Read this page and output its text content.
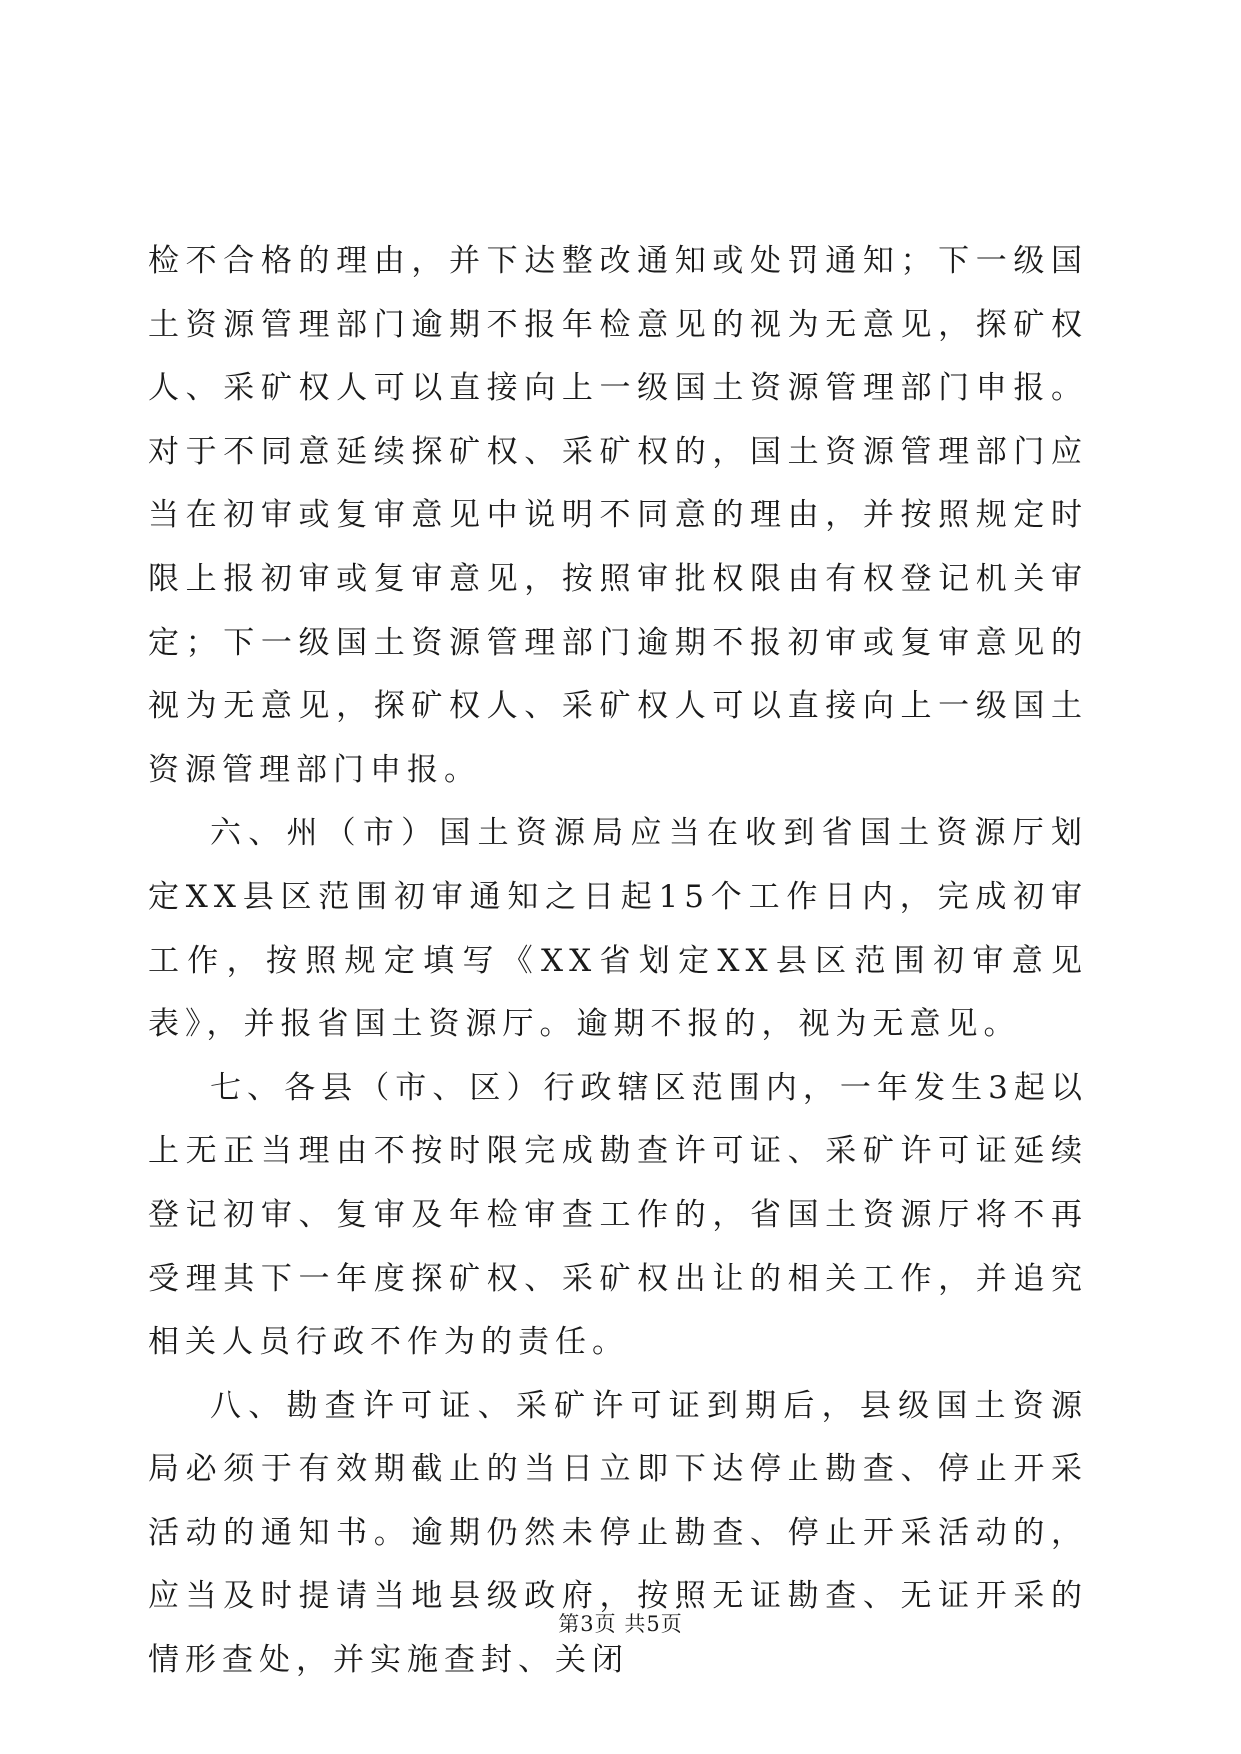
检不合格的理由，并下达整改通知或处罚通知；下一级国土资源管理部门逾期不报年检意见的视为无意见，探矿权人、采矿权人可以直接向上一级国土资源管理部门申报。对于不同意延续探矿权、采矿权的，国土资源管理部门应当在初审或复审意见中说明不同意的理由，并按照规定时限上报初审或复审意见，按照审批权限由有权登记机关审定；下一级国土资源管理部门逾期不报初审或复审意见的视为无意见，探矿权人、采矿权人可以直接向上一级国土资源管理部门申报。

六、州（市）国土资源局应当在收到省国土资源厅划定XX县区范围初审通知之日起15个工作日内，完成初审工作，按照规定填写《XX省划定XX县区范围初审意见表》，并报省国土资源厅。逾期不报的，视为无意见。

七、各县（市、区）行政辖区范围内，一年发生3起以上无正当理由不按时限完成勘查许可证、采矿许可证延续登记初审、复审及年检审查工作的，省国土资源厅将不再受理其下一年度探矿权、采矿权出让的相关工作，并追究相关人员行政不作为的责任。

八、勘查许可证、采矿许可证到期后，县级国土资源局必须于有效期截止的当日立即下达停止勘查、停止开采活动的通知书。逾期仍然未停止勘查、停止开采活动的，应当及时提请当地县级政府，按照无证勘查、无证开采的情形查处，并实施查封、关闭

第3页 共5页
